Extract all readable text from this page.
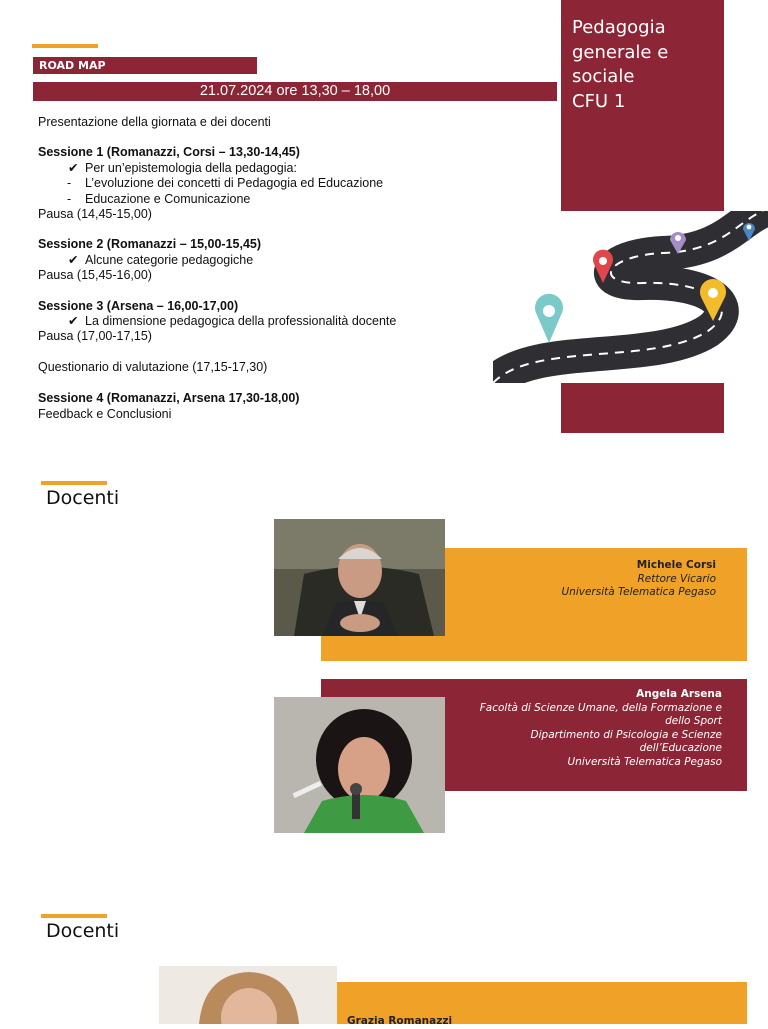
ROAD MAP
21.07.2024 ore 13,30 – 18,00
Pedagogia
generale e
sociale
CFU 1
Presentazione della giornata e dei docenti
Sessione 1 (Romanazzi, Corsi – 13,30-14,45)
✔ Per un’epistemologia della pedagogia:
- L’evoluzione dei concetti di Pedagogia ed Educazione
- Educazione e Comunicazione
Pausa (14,45-15,00)
Sessione 2 (Romanazzi – 15,00-15,45)
✔ Alcune categorie pedagogiche
Pausa (15,45-16,00)
Sessione 3 (Arsena – 16,00-17,00)
✔ La dimensione pedagogica della professionalità docente
Pausa (17,00-17,15)
Questionario di valutazione (17,15-17,30)
Sessione 4 (Romanazzi, Arsena 17,30-18,00)
Feedback e Conclusioni
Docenti
Michele Corsi
Rettore Vicario
Università Telematica Pegaso
Angela Arsena
Facoltà di Scienze Umane, della Formazione e
dello Sport
Dipartimento di Psicologia e Scienze
dell’Educazione
Università Telematica Pegaso
Docenti
Grazia Romanazzi
